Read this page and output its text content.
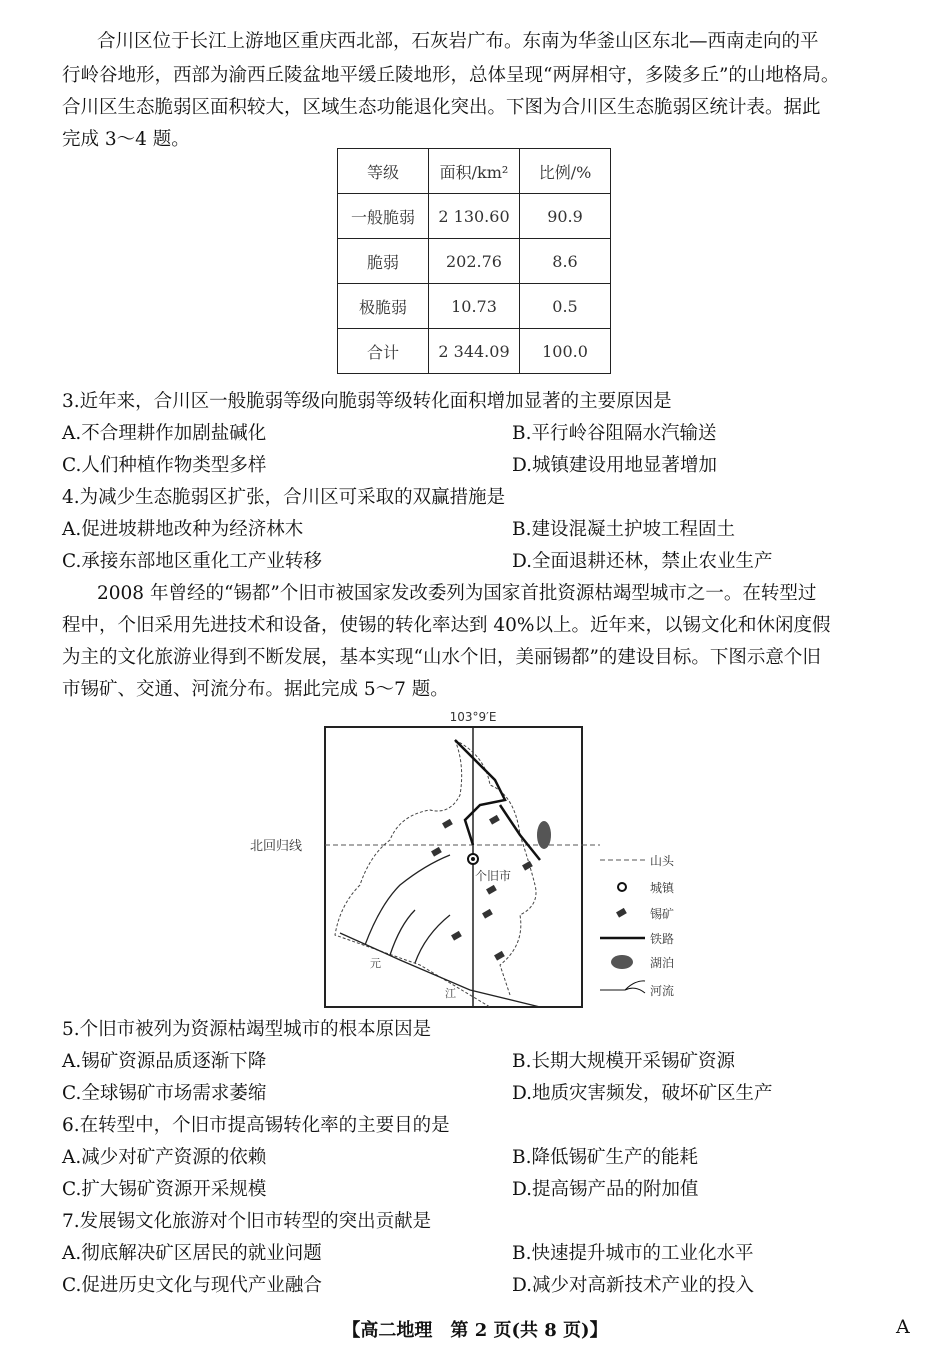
合川区位于长江上游地区重庆西北部，石灰岩广布。东南为华釜山区东北—西南走向的平
行岭谷地形，西部为渝西丘陵盆地平缓丘陵地形，总体呈现“两屏相守，多陵多丘”的山地格局。
合川区生态脆弱区面积较大，区域生态功能退化突出。下图为合川区生态脆弱区统计表。据此
完成 3～4 题。
等级	面积/km²	比例/%
一般脆弱	2 130.60	90.9
脆弱	202.76	8.6
极脆弱	10.73	0.5
合计	2 344.09	100.0
3.近年来，合川区一般脆弱等级向脆弱等级转化面积增加显著的主要原因是
A.不合理耕作加剧盐碱化	B.平行岭谷阻隔水汽输送
C.人们种植作物类型多样	D.城镇建设用地显著增加
4.为减少生态脆弱区扩张，合川区可采取的双赢措施是
A.促进坡耕地改种为经济林木	B.建设混凝土护坡工程固土
C.承接东部地区重化工产业转移	D.全面退耕还林，禁止农业生产
2008 年曾经的“锡都”个旧市被国家发改委列为国家首批资源枯竭型城市之一。在转型过
程中，个旧采用先进技术和设备，使锡的转化率达到 40%以上。近年来，以锡文化和休闲度假
为主的文化旅游业得到不断发展，基本实现“山水个旧，美丽锡都”的建设目标。下图示意个旧
市锡矿、交通、河流分布。据此完成 5～7 题。
103°9′E
北回归线
个旧市
元
江
山头
城镇
锡矿
铁路
湖泊
河流
5.个旧市被列为资源枯竭型城市的根本原因是
A.锡矿资源品质逐渐下降	B.长期大规模开采锡矿资源
C.全球锡矿市场需求萎缩	D.地质灾害频发，破坏矿区生产
6.在转型中，个旧市提高锡转化率的主要目的是
A.减少对矿产资源的依赖	B.降低锡矿生产的能耗
C.扩大锡矿资源开采规模	D.提高锡产品的附加值
7.发展锡文化旅游对个旧市转型的突出贡献是
A.彻底解决矿区居民的就业问题	B.快速提升城市的工业化水平
C.促进历史文化与现代产业融合	D.减少对高新技术产业的投入
【高二地理　第 2 页(共 8 页)】	A
